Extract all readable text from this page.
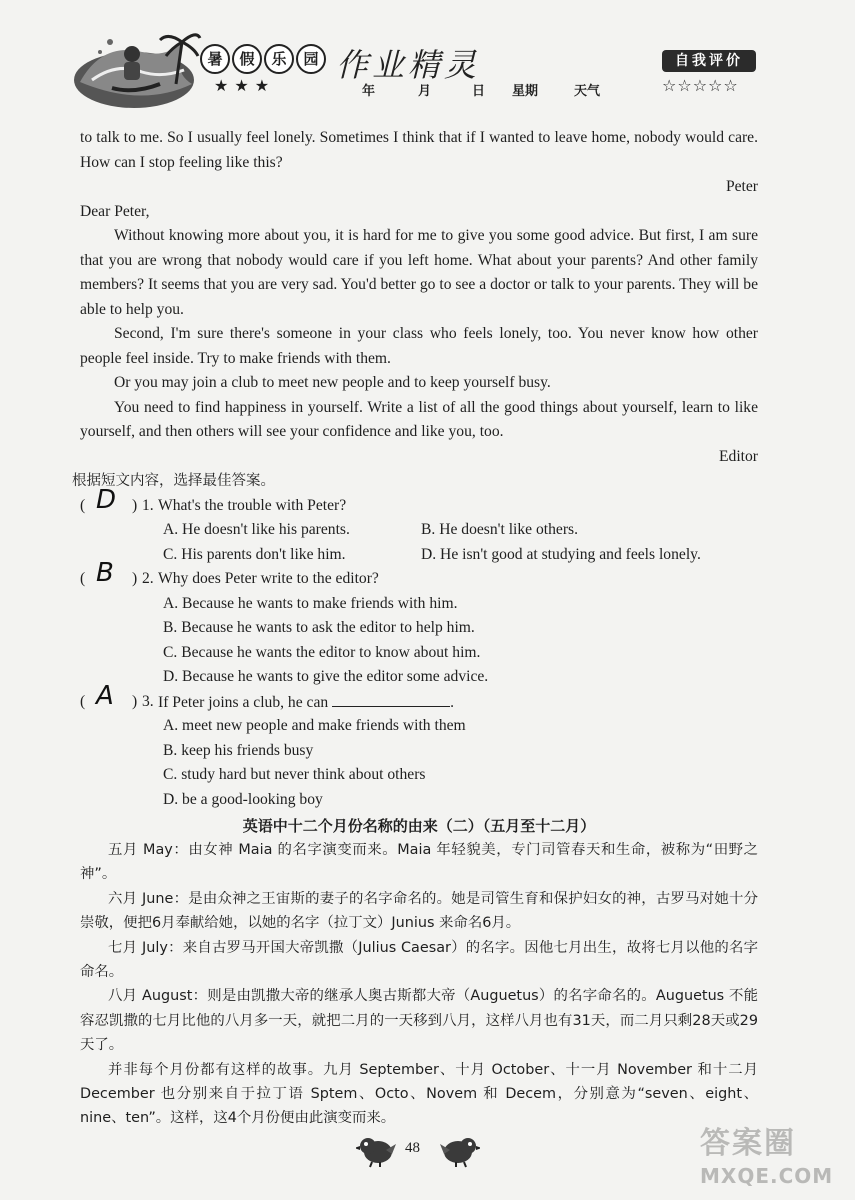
暑	假	乐	园
★★★
作业精灵
年	月	日	星期	天气
自我评价
☆☆☆☆☆

to talk to me. So I usually feel lonely. Sometimes I think that if I wanted to leave home, nobody would care. How can I stop feeling like this?

Peter

Dear Peter,

Without knowing more about you, it is hard for me to give you some good advice. But first, I am sure that you are wrong that nobody would care if you left home. What about your parents? And other family members? It seems that you are very sad. You'd better go to see a doctor or talk to your parents. They will be able to help you.

Second, I'm sure there's someone in your class who feels lonely, too. You never know how other people feel inside. Try to make friends with them.

Or you may join a club to meet new people and to keep yourself busy.

You need to find happiness in yourself. Write a list of all the good things about yourself, learn to like yourself, and then others will see your confidence and like you, too.

Editor

根据短文内容，选择最佳答案。

( D ) 1. What's the trouble with Peter?
A. He doesn't like his parents.	B. He doesn't like others.
C. His parents don't like him.	D. He isn't good at studying and feels lonely.
( B ) 2. Why does Peter write to the editor?
A. Because he wants to make friends with him.
B. Because he wants to ask the editor to help him.
C. Because he wants the editor to know about him.
D. Because he wants to give the editor some advice.
( A ) 3. If Peter joins a club, he can	.
A. meet new people and make friends with them
B. keep his friends busy
C. study hard but never think about others
D. be a good-looking boy
英语中十二个月份名称的由来（二）（五月至十二月）

五月 May：由女神 Maia 的名字演变而来。Maia 年轻貌美，专门司管春天和生命，被称为“田野之神”。

六月 June：是由众神之王宙斯的妻子的名字命名的。她是司管生育和保护妇女的神，古罗马对她十分崇敬，便把6月奉献给她，以她的名字（拉丁文）Junius 来命名6月。

七月 July：来自古罗马开国大帝凯撒（Julius Caesar）的名字。因他七月出生，故将七月以他的名字命名。

八月 August：则是由凯撒大帝的继承人奥古斯都大帝（Auguetus）的名字命名的。Auguetus 不能容忍凯撒的七月比他的八月多一天，就把二月的一天移到八月，这样八月也有31天，而二月只剩28天或29天了。

并非每个月份都有这样的故事。九月 September、十月 October、十一月 November 和十二月 December 也分别来自于拉丁语 Sptem、Octo、Novem 和 Decem，分别意为“seven、eight、nine、ten”。这样，这4个月份便由此演变而来。

48	答案圈
MXQE.COM
